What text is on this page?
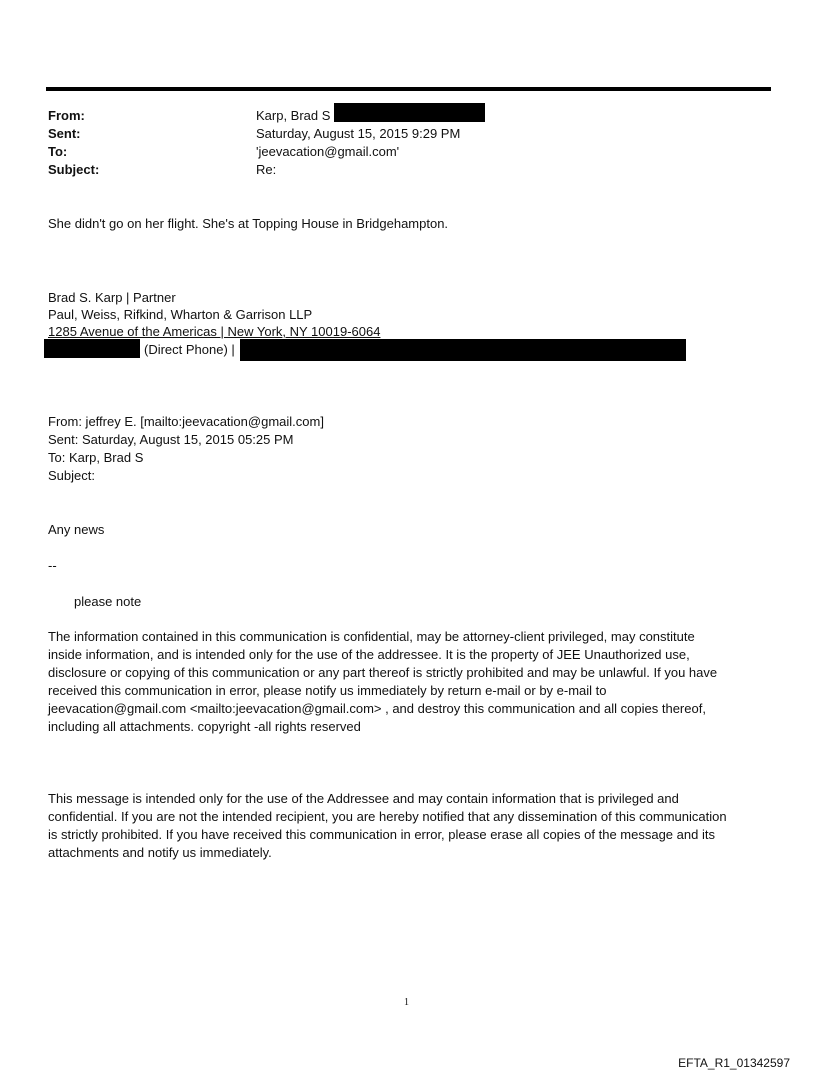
From:	Karp, Brad S
Sent:	Saturday, August 15, 2015 9:29 PM
To:	'jeevacation@gmail.com'
Subject:	Re:
She didn't go on her flight. She's at Topping House in Bridgehampton.
Brad S. Karp | Partner
Paul, Weiss, Rifkind, Wharton & Garrison LLP
1285 Avenue of the Americas | New York, NY 10019-6064
(Direct Phone) |
From: jeffrey E. [mailto:jeevacation@gmail.com]
Sent: Saturday, August 15, 2015 05:25 PM
To: Karp, Brad S
Subject:
Any news
--
please note
The information contained in this communication is confidential, may be attorney-client privileged, may constitute
inside information, and is intended only for the use of the addressee. It is the property of JEE Unauthorized use,
disclosure or copying of this communication or any part thereof is strictly prohibited and may be unlawful. If you have
received this communication in error, please notify us immediately by return e-mail or by e-mail to
jeevacation@gmail.com <mailto:jeevacation@gmail.com> , and destroy this communication and all copies thereof,
including all attachments. copyright -all rights reserved
This message is intended only for the use of the Addressee and may contain information that is privileged and
confidential. If you are not the intended recipient, you are hereby notified that any dissemination of this communication
is strictly prohibited. If you have received this communication in error, please erase all copies of the message and its
attachments and notify us immediately.
1
EFTA_R1_01342597
